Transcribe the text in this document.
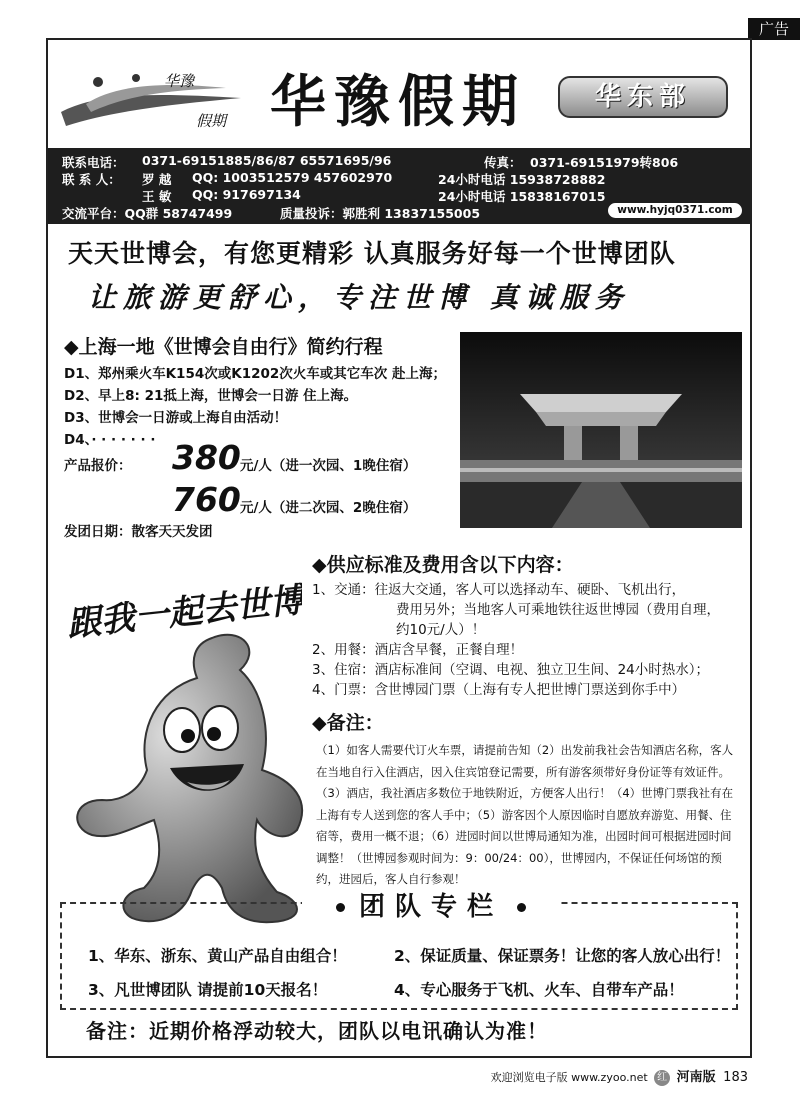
广告
华豫
假期 华豫假期	华东部
联系电话： 0371-69151885/86/87 65571695/96	传真： 0371-69151979转806
联 系 人： 罗 越 QQ: 1003512579 457602970	24小时电话 15938728882
王 敏 QQ: 917697134	24小时电话 15838167015
交流平台：QQ群 58747499	质量投诉：郭胜利 13837155005	www.hyjq0371.com
天天世博会，有您更精彩 认真服务好每一个世博团队
让旅游更舒心，专注世博 真诚服务
◆上海一地《世博会自由行》简约行程
D1、郑州乘火车K154次或K1202次火车或其它车次 赴上海；
D2、早上8: 21抵上海，世博会一日游 住上海。
D3、世博会一日游或上海自由活动！
D4、· · · · · · ·
产品报价： 380 元/人（进一次园、1晚住宿）
760 元/人（进二次园、2晚住宿）
发团日期：散客天天发团
◆供应标准及费用含以下内容：
1、交通：往返大交通，客人可以选择动车、硬卧、飞机出行，
费用另外；当地客人可乘地铁往返世博园（费用自理，
约10元/人）！
2、用餐：酒店含早餐，正餐自理！
3、住宿：酒店标准间（空调、电视、独立卫生间、24小时热水）；
4、门票：含世博园门票（上海有专人把世博门票送到你手中）
跟我一起去世博
◆备注：
（1）如客人需要代订火车票，请提前告知（2）出发前我社会告知酒店名称，客人在当地自行入住酒店，因入住宾馆登记需要，所有游客须带好身份证等有效证件。（3）酒店，我社酒店多数位于地铁附近，方便客人出行！（4）世博门票我社有在上海有专人送到您的客人手中；（5）游客因个人原因临时自愿放弃游览、用餐、住宿等，费用一概不退；（6）进园时间以世博局通知为准，出园时间可根据进园时间调整！（世博园参观时间为：9：00/24：00），世博园内，不保证任何场馆的预约，进园后，客人自行参观！
团队专栏
1、华东、浙东、黄山产品自由组合！	2、保证质量、保证票务！让您的客人放心出行！
3、凡世博团队 请提前10天报名！	4、专心服务于飞机、火车、自带车产品！
备注：近期价格浮动较大，团队以电讯确认为准！
欢迎浏览电子版 www.zyoo.net 红 河南版 183
